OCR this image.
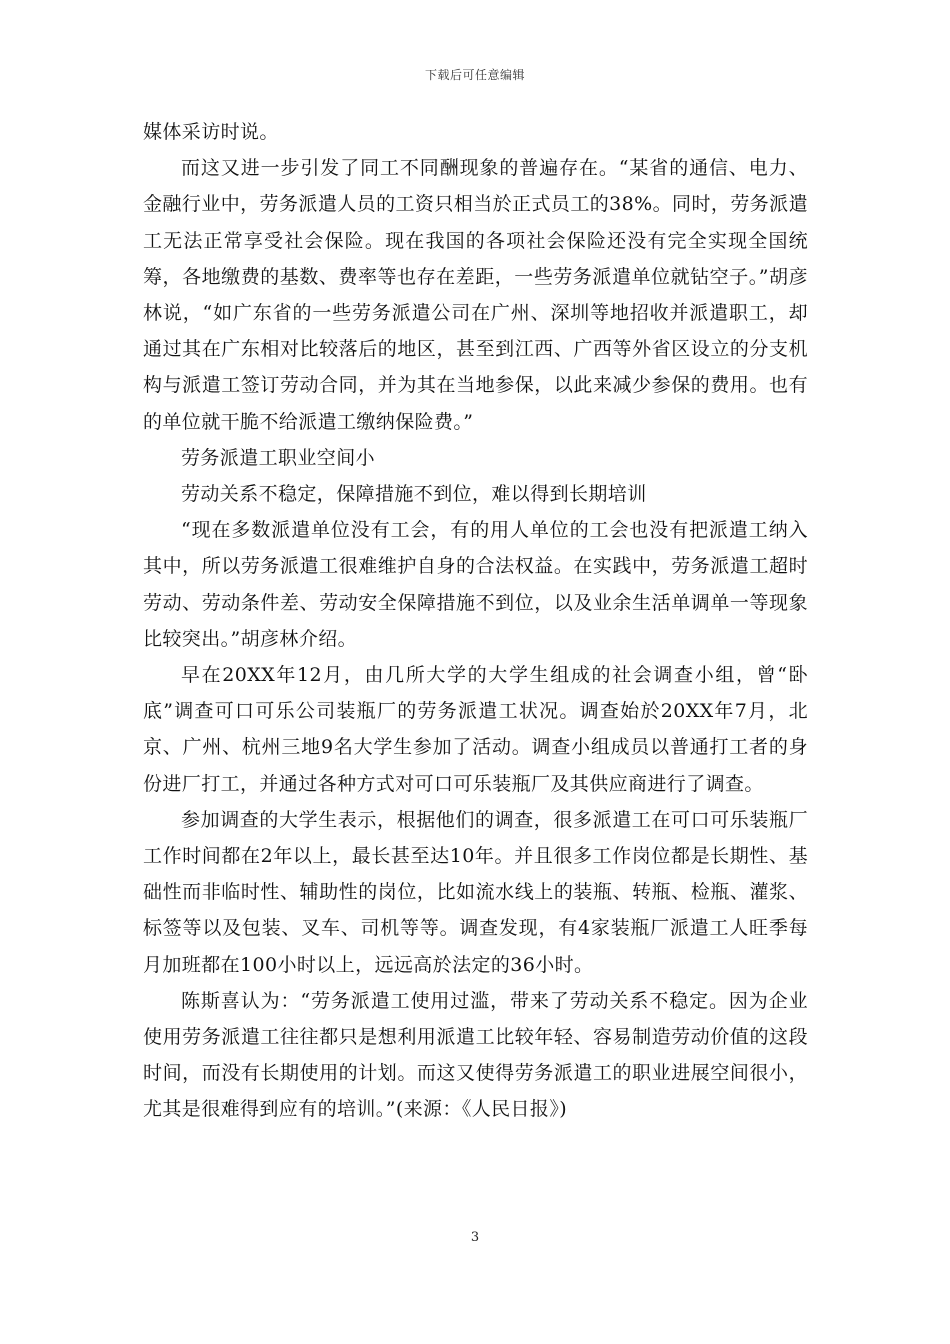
下载后可任意编辑

媒体采访时说。

而这又进一步引发了同工不同酬现象的普遍存在。“某省的通信、电力、金融行业中，劳务派遣人员的工资只相当於正式员工的38%。同时，劳务派遣工无法正常享受社会保险。现在我国的各项社会保险还没有完全实现全国统筹，各地缴费的基数、费率等也存在差距，一些劳务派遣单位就钻空子。”胡彦林说，“如广东省的一些劳务派遣公司在广州、深圳等地招收并派遣职工，却通过其在广东相对比较落后的地区，甚至到江西、广西等外省区设立的分支机构与派遣工签订劳动合同，并为其在当地参保，以此来减少参保的费用。也有的单位就干脆不给派遣工缴纳保险费。”

劳务派遣工职业空间小

劳动关系不稳定，保障措施不到位，难以得到长期培训

“现在多数派遣单位没有工会，有的用人单位的工会也没有把派遣工纳入其中，所以劳务派遣工很难维护自身的合法权益。在实践中，劳务派遣工超时劳动、劳动条件差、劳动安全保障措施不到位，以及业余生活单调单一等现象比较突出。”胡彦林介绍。

早在20XX年12月，由几所大学的大学生组成的社会调查小组，曾“卧底”调查可口可乐公司装瓶厂的劳务派遣工状况。调查始於20XX年7月，北京、广州、杭州三地9名大学生参加了活动。调查小组成员以普通打工者的身份进厂打工，并通过各种方式对可口可乐装瓶厂及其供应商进行了调查。

参加调查的大学生表示，根据他们的调查，很多派遣工在可口可乐装瓶厂工作时间都在2年以上，最长甚至达10年。并且很多工作岗位都是长期性、基础性而非临时性、辅助性的岗位，比如流水线上的装瓶、转瓶、检瓶、灌浆、标签等以及包装、叉车、司机等等。调查发现，有4家装瓶厂派遣工人旺季每月加班都在100小时以上，远远高於法定的36小时。

陈斯喜认为：“劳务派遣工使用过滥，带来了劳动关系不稳定。因为企业使用劳务派遣工往往都只是想利用派遣工比较年轻、容易制造劳动价值的这段时间，而没有长期使用的计划。而这又使得劳务派遣工的职业进展空间很小，尤其是很难得到应有的培训。”(来源：《人民日报》)

3
